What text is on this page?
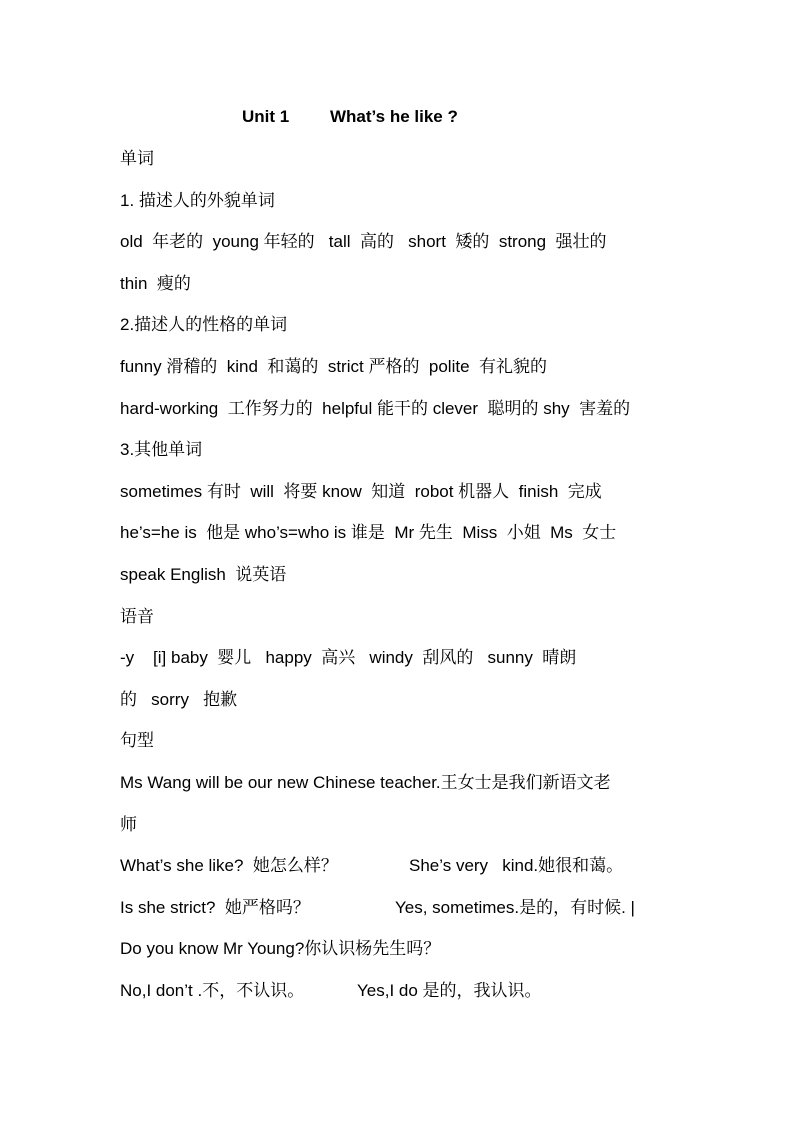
Unit 1 What’s he like ?
单词
1. 描述人的外貌单词
old  年老的  young 年轻的   tall  高的   short  矮的  strong  强壮的
thin  瘦的
2.描述人的性格的单词
funny 滑稽的  kind  和蔼的  strict 严格的  polite  有礼貌的
hard-working  工作努力的  helpful 能干的 clever  聪明的 shy  害羞的
3.其他单词
sometimes 有时  will  将要 know  知道  robot 机器人  finish  完成
he’s=he is  他是 who’s=who is 谁是  Mr 先生  Miss  小姐  Ms  女士
speak English  说英语
语音
-y    [i] baby  婴儿   happy  高兴   windy  刮风的   sunny  晴朗
的   sorry   抱歉
句型
Ms Wang will be our new Chinese teacher.王女士是我们新语文老
师
What’s she like?  她怎么样？	She’s very   kind.她很和蔼。
Is she strict?  她严格吗？	Yes, sometimes.是的，有时候. |
Do you know Mr Young?你认识杨先生吗？
No,I don’t .不，不认识。	Yes,I do 是的，我认识。
